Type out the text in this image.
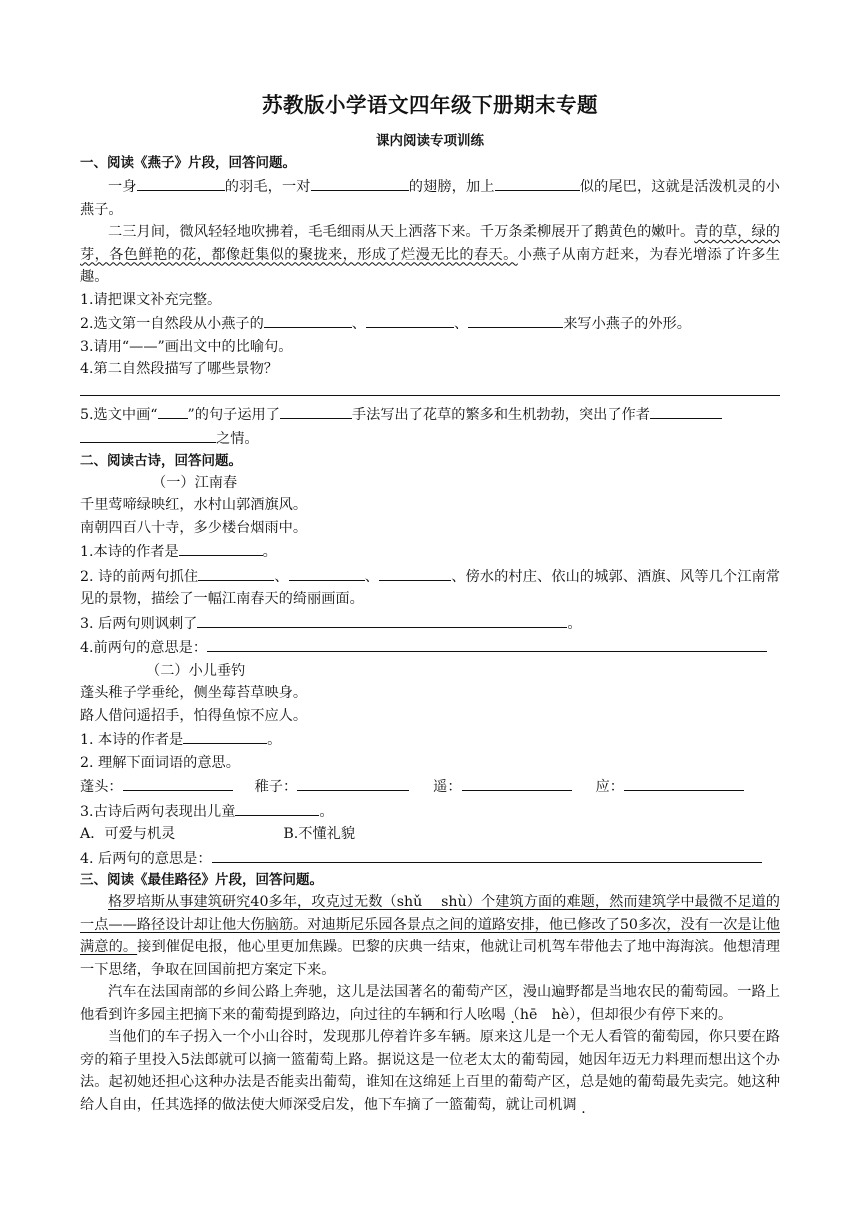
苏教版小学语文四年级下册期末专题
课内阅读专项训练
一、阅读《燕子》片段，回答问题。
一身	的羽毛，一对	的翅膀，加上	似的尾巴，这就是活泼机灵的小燕子。
二三月间，微风轻轻地吹拂着，毛毛细雨从天上洒落下来。千万条柔柳展开了鹅黄色的嫩叶。青的草，绿的芽，各色鲜艳的花，都像赶集似的聚拢来，形成了烂漫无比的春天。小燕子从南方赶来，为春光增添了许多生趣。
1.请把课文补充完整。
2.选文第一自然段从小燕子的	、	、	来写小燕子的外形。
3.请用“——”画出文中的比喻句。
4.第二自然段描写了哪些景物？
5.选文中画“ ”的句子运用了	手法写出了花草的繁多和生机勃勃，突出了作者
之情。
二、阅读古诗，回答问题。
（一）江南春
千里莺啼绿映红，水村山郭酒旗风。
南朝四百八十寺，多少楼台烟雨中。
1.本诗的作者是	。
2. 诗的前两句抓住	、	、	、傍水的村庄、依山的城郭、酒旗、风等几个江南常见的景物，描绘了一幅江南春天的绮丽画面。
3. 后两句则讽刺了	。
4.前两句的意思是：
（二）小儿垂钓
蓬头稚子学垂纶，侧坐莓苔草映身。
路人借问遥招手，怕得鱼惊不应人。
1. 本诗的作者是	。
2. 理解下面词语的意思。
蓬头：	稚子：	遥：	应：
3.古诗后两句表现出儿童	。
A．可爱与机灵	B.不懂礼貌
4. 后两句的意思是：
三、阅读《最佳路径》片段，回答问题。
格罗培斯从事建筑研究40多年，攻克过无数（shǔ　 shù）个建筑方面的难题，然而建筑学中最微不足道的一点——路径设计却让他大伤脑筋。对迪斯尼乐园各景点之间的道路安排，他已修改了50多次，没有一次是让他满意的。接到催促电报，他心里更加焦躁。巴黎的庆典一结束，他就让司机驾车带他去了地中海海滨。他想清理一下思绪，争取在回国前把方案定下来。
汽车在法国南部的乡间公路上奔驰，这儿是法国著名的葡萄产区，漫山遍野都是当地农民的葡萄园。一路上他看到许多园主把摘下来的葡萄提到路边，向过往的车辆和行人吆喝（hē　hè），但却很少有停下来的。
当他们的车子拐入一个小山谷时，发现那儿停着许多车辆。原来这儿是一个无人看管的葡萄园，你只要在路旁的箱子里投入5法郎就可以摘一篮葡萄上路。据说这是一位老太太的葡萄园，她因年迈无力料理而想出这个办法。起初她还担心这种办法是否能卖出葡萄，谁知在这绵延上百里的葡萄产区，总是她的葡萄最先卖完。她这种给人自由，任其选择的做法使大师深受启发，他下车摘了一篮葡萄，就让司机调
